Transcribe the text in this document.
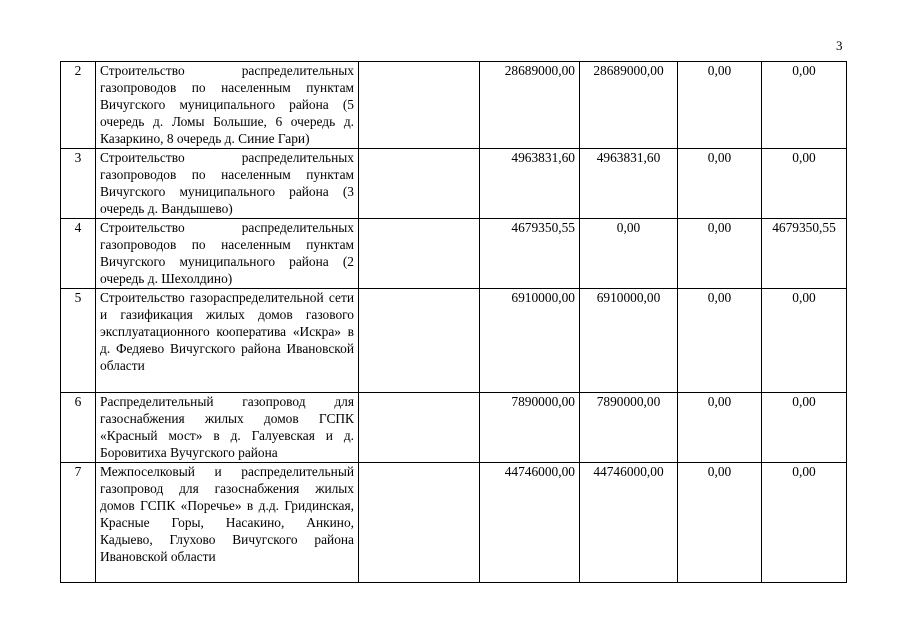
3
2	Строительство распределительных газопроводов по населенным пунктам Вичугского муниципального района (5 очередь д. Ломы Большие, 6 очередь д. Казаркино, 8 очередь д. Синие Гари)		28689000,00	28689000,00	0,00	0,00
3	Строительство распределительных газопроводов по населенным пунктам Вичугского муниципального района (3 очередь д. Вандышево)		4963831,60	4963831,60	0,00	0,00
4	Строительство распределительных газопроводов по населенным пунктам Вичугского муниципального района (2 очередь д. Шехолдино)		4679350,55	0,00	0,00	4679350,55
5	Строительство газораспределительной сети и газификация жилых домов газового эксплуатационного кооператива «Искра» в д. Федяево Вичугского района Ивановской области		6910000,00	6910000,00	0,00	0,00
6	Распределительный газопровод для газоснабжения жилых домов ГСПК «Красный мост» в д. Галуевская и д. Боровитиха Вучугского района		7890000,00	7890000,00	0,00	0,00
7	Межпоселковый и распределительный газопровод для газоснабжения жилых домов ГСПК «Поречье» в д.д. Гридинская, Красные Горы, Насакино, Анкино, Кадыево, Глухово Вичугского района Ивановской области		44746000,00	44746000,00	0,00	0,00
